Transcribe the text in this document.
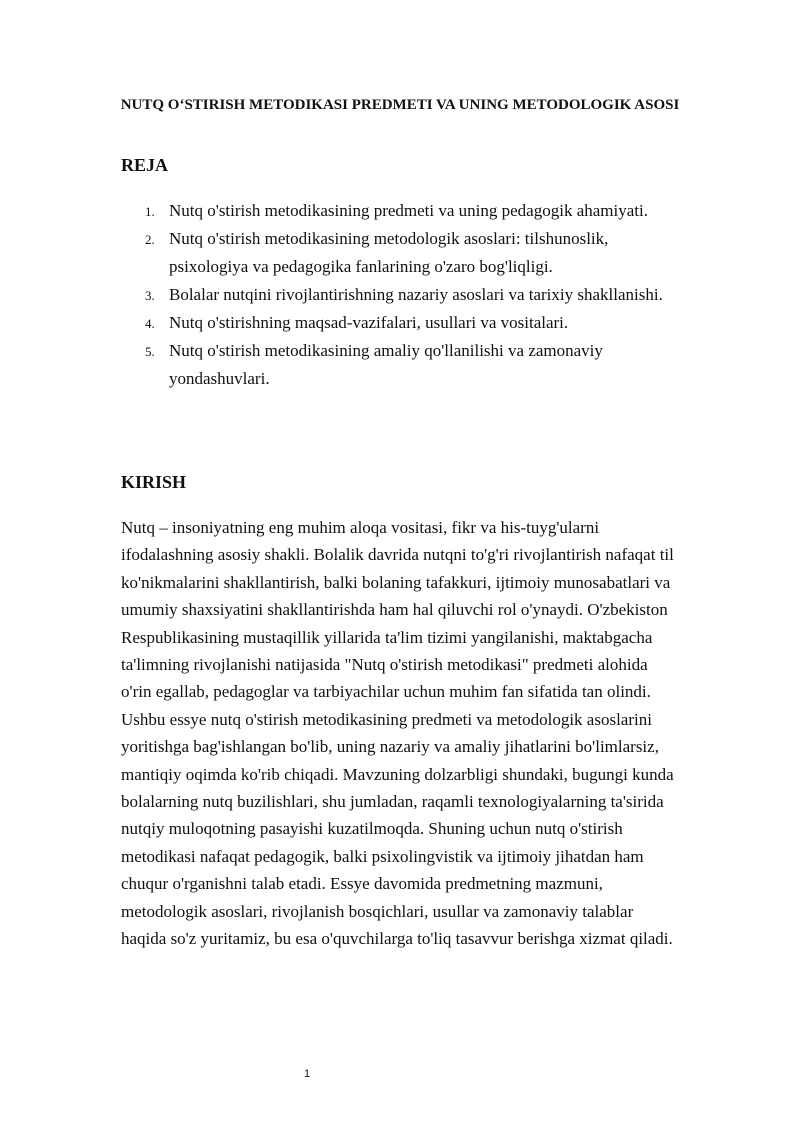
NUTQ O‘STIRISH METODIKASI PREDMETI VA UNING METODOLOGIK ASOSI
REJA
1. Nutq o'stirish metodikasining predmeti va uning pedagogik ahamiyati.
2. Nutq o'stirish metodikasining metodologik asoslari: tilshunoslik, psixologiya va pedagogika fanlarining o'zaro bog'liqligi.
3. Bolalar nutqini rivojlantirishning nazariy asoslari va tarixiy shakllanishi.
4. Nutq o'stirishning maqsad-vazifalari, usullari va vositalari.
5. Nutq o'stirish metodikasining amaliy qo'llanilishi va zamonaviy yondashuvlari.
KIRISH

Nutq – insoniyatning eng muhim aloqa vositasi, fikr va his-tuyg'ularni ifodalashning asosiy shakli. Bolalik davrida nutqni to'g'ri rivojlantirish nafaqat til ko'nikmalarini shakllantirish, balki bolaning tafakkuri, ijtimoiy munosabatlari va umumiy shaxsiyatini shakllantirishda ham hal qiluvchi rol o'ynaydi. O'zbekiston Respublikasining mustaqillik yillarida ta'lim tizimi yangilanishi, maktabgacha ta'limning rivojlanishi natijasida "Nutq o'stirish metodikasi" predmeti alohida o'rin egallab, pedagoglar va tarbiyachilar uchun muhim fan sifatida tan olindi. Ushbu essye nutq o'stirish metodikasining predmeti va metodologik asoslarini yoritishga bag'ishlangan bo'lib, uning nazariy va amaliy jihatlarini bo'limlarsiz, mantiqiy oqimda ko'rib chiqadi. Mavzuning dolzarbligi shundaki, bugungi kunda bolalarning nutq buzilishlari, shu jumladan, raqamli texnologiyalarning ta'sirida nutqiy muloqotning pasayishi kuzatilmoqda. Shuning uchun nutq o'stirish metodikasi nafaqat pedagogik, balki psixolingvistik va ijtimoiy jihatdan ham chuqur o'rganishni talab etadi. Essye davomida predmetning mazmuni, metodologik asoslari, rivojlanish bosqichlari, usullar va zamonaviy talablar haqida so'z yuritamiz, bu esa o'quvchilarga to'liq tasavvur berishga xizmat qiladi.

1
